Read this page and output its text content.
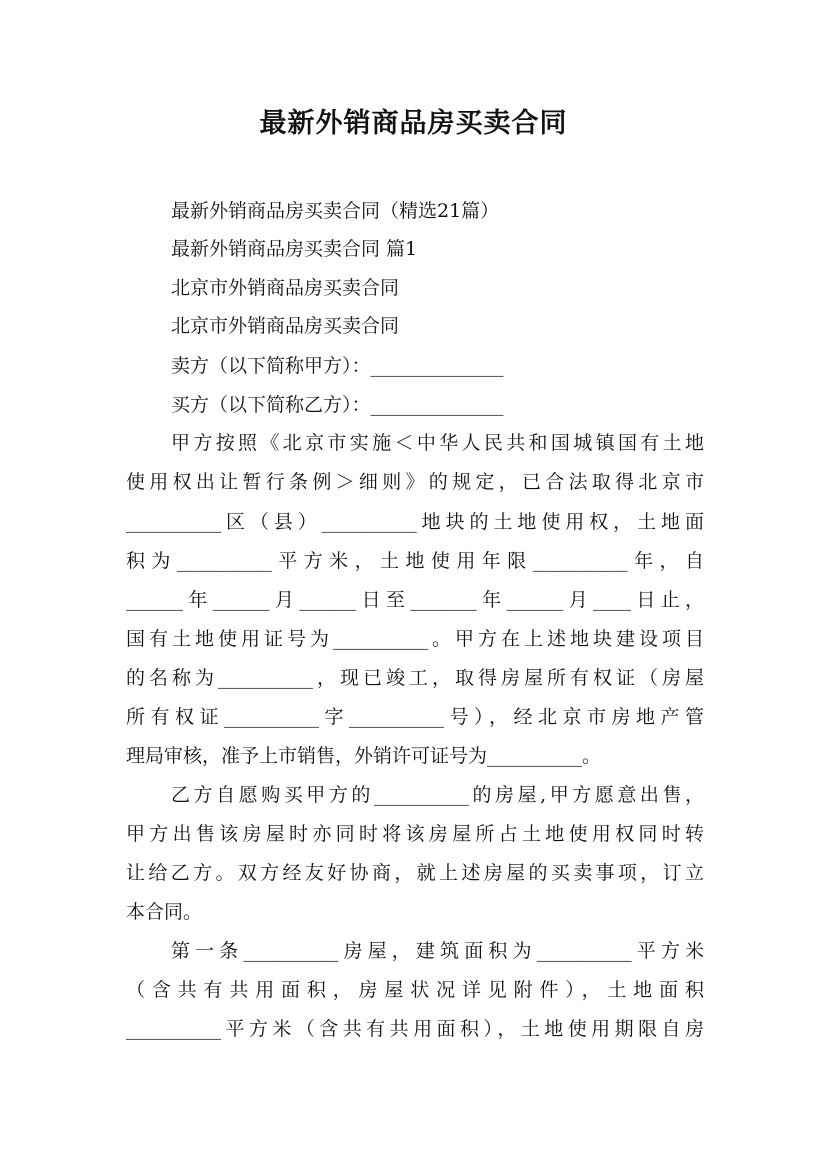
最新外销商品房买卖合同
最新外销商品房买卖合同（精选21篇）
最新外销商品房买卖合同 篇1
北京市外销商品房买卖合同
北京市外销商品房买卖合同
卖方（以下简称甲方）：______________
买方（以下简称乙方）：______________
甲方按照《北京市实施＜中华人民共和国城镇国有土地
使用权出让暂行条例＞细则》的规定，已合法取得北京市
__________区（县）__________地块的土地使用权，土地面
积为__________平方米，土地使用年限__________年，自
______年______月______日至_______年______月____日止，
国有土地使用证号为__________。甲方在上述地块建设项目
的名称为__________，现已竣工，取得房屋所有权证（房屋
所有权证__________字__________号），经北京市房地产管
理局审核，准予上市销售，外销许可证号为__________。
乙方自愿购买甲方的__________的房屋,甲方愿意出售，
甲方出售该房屋时亦同时将该房屋所占土地使用权同时转
让给乙方。双方经友好协商，就上述房屋的买卖事项，订立
本合同。
第一条__________房屋，建筑面积为__________平方米
（含共有共用面积，房屋状况详见附件），土地面积
__________平方米（含共有共用面积），土地使用期限自房
